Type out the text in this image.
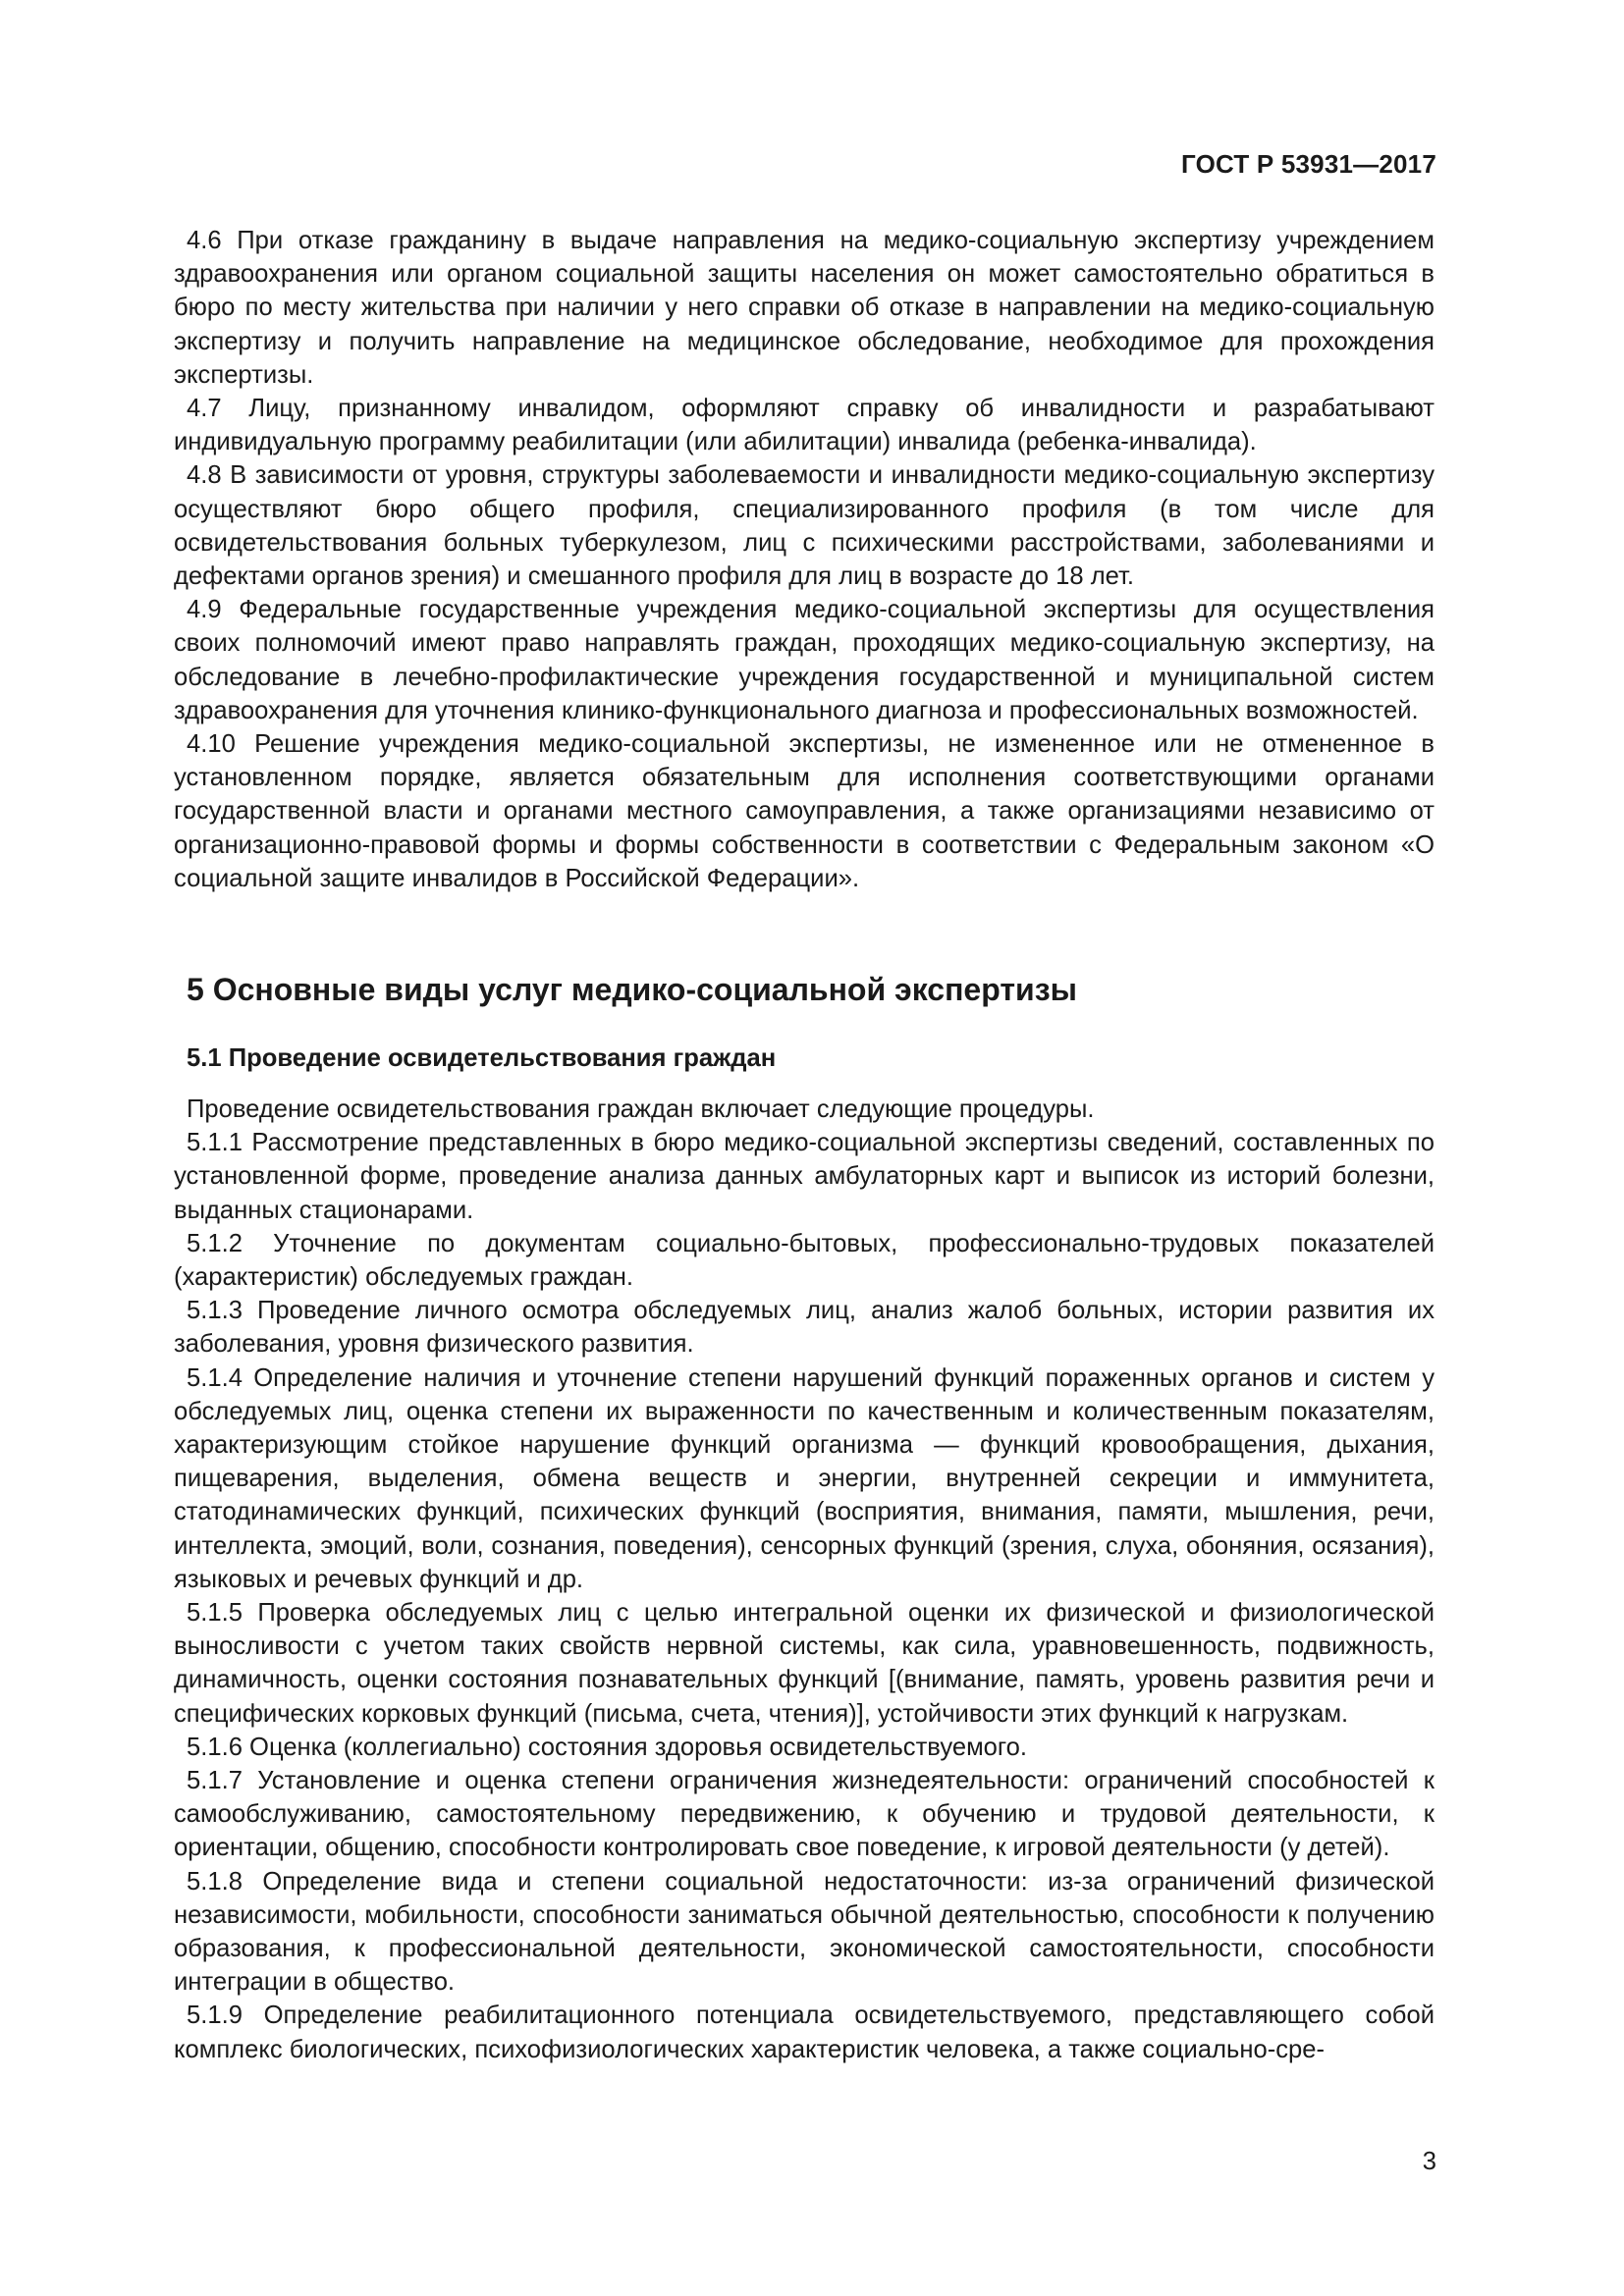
ГОСТ Р 53931—2017

4.6 При отказе гражданину в выдаче направления на медико-социальную экспертизу учреждением здравоохранения или органом социальной защиты населения он может самостоятельно обратиться в бюро по месту жительства при наличии у него справки об отказе в направлении на медико-социальную экспертизу и получить направление на медицинское обследование, необходимое для прохождения экспертизы.

4.7 Лицу, признанному инвалидом, оформляют справку об инвалидности и разрабатывают индивидуальную программу реабилитации (или абилитации) инвалида (ребенка-инвалида).

4.8 В зависимости от уровня, структуры заболеваемости и инвалидности медико-социальную экспертизу осуществляют бюро общего профиля, специализированного профиля (в том числе для освидетельствования больных туберкулезом, лиц с психическими расстройствами, заболеваниями и дефектами органов зрения) и смешанного профиля для лиц в возрасте до 18 лет.

4.9 Федеральные государственные учреждения медико-социальной экспертизы для осуществления своих полномочий имеют право направлять граждан, проходящих медико-социальную экспертизу, на обследование в лечебно-профилактические учреждения государственной и муниципальной систем здравоохранения для уточнения клинико-функционального диагноза и профессиональных возможностей.

4.10 Решение учреждения медико-социальной экспертизы, не измененное или не отмененное в установленном порядке, является обязательным для исполнения соответствующими органами государственной власти и органами местного самоуправления, а также организациями независимо от организационно-правовой формы и формы собственности в соответствии с Федеральным законом «О социальной защите инвалидов в Российской Федерации».

5 Основные виды услуг медико-социальной экспертизы
5.1 Проведение освидетельствования граждан

Проведение освидетельствования граждан включает следующие процедуры.

5.1.1 Рассмотрение представленных в бюро медико-социальной экспертизы сведений, составленных по установленной форме, проведение анализа данных амбулаторных карт и выписок из историй болезни, выданных стационарами.

5.1.2 Уточнение по документам социально-бытовых, профессионально-трудовых показателей (характеристик) обследуемых граждан.

5.1.3 Проведение личного осмотра обследуемых лиц, анализ жалоб больных, истории развития их заболевания, уровня физического развития.

5.1.4 Определение наличия и уточнение степени нарушений функций пораженных органов и систем у обследуемых лиц, оценка степени их выраженности по качественным и количественным показателям, характеризующим стойкое нарушение функций организма — функций кровообращения, дыхания, пищеварения, выделения, обмена веществ и энергии, внутренней секреции и иммунитета, статодинамических функций, психических функций (восприятия, внимания, памяти, мышления, речи, интеллекта, эмоций, воли, сознания, поведения), сенсорных функций (зрения, слуха, обоняния, осязания), языковых и речевых функций и др.

5.1.5 Проверка обследуемых лиц с целью интегральной оценки их физической и физиологической выносливости с учетом таких свойств нервной системы, как сила, уравновешенность, подвижность, динамичность, оценки состояния познавательных функций [(внимание, память, уровень развития речи и специфических корковых функций (письма, счета, чтения)], устойчивости этих функций к нагрузкам.

5.1.6 Оценка (коллегиально) состояния здоровья освидетельствуемого.

5.1.7 Установление и оценка степени ограничения жизнедеятельности: ограничений способностей к самообслуживанию, самостоятельному передвижению, к обучению и трудовой деятельности, к ориентации, общению, способности контролировать свое поведение, к игровой деятельности (у детей).

5.1.8 Определение вида и степени социальной недостаточности: из-за ограничений физической независимости, мобильности, способности заниматься обычной деятельностью, способности к получению образования, к профессиональной деятельности, экономической самостоятельности, способности интеграции в общество.

5.1.9 Определение реабилитационного потенциала освидетельствуемого, представляющего собой комплекс биологических, психофизиологических характеристик человека, а также социально-сре-

3
